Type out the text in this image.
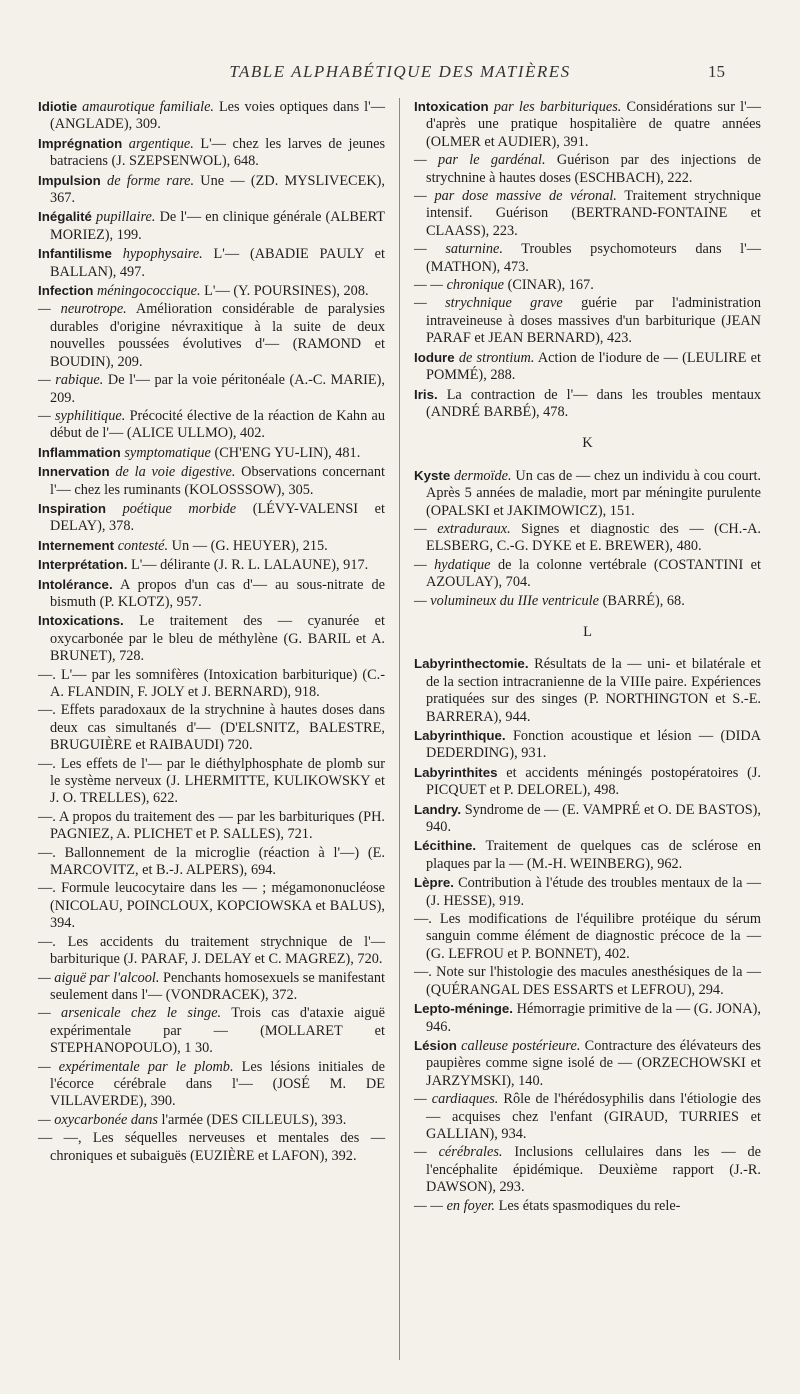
TABLE ALPHABÉTIQUE DES MATIÈRES	15

Idiotie amaurotique familiale. Les voies optiques dans l'— (ANGLADE), 309.

Imprégnation argentique. L'— chez les larves de jeunes batraciens (J. SZEPSENWOL), 648.

Impulsion de forme rare. Une — (ZD. MYSLIVECEK), 367.

Inégalité pupillaire. De l'— en clinique générale (ALBERT MORIEZ), 199.

Infantilisme hypophysaire. L'— (ABADIE PAULY et BALLAN), 497.

Infection méningococcique. L'— (Y. POURSINES), 208.

— neurotrope. Amélioration considérable de paralysies durables d'origine névraxitique à la suite de deux nouvelles poussées évolutives d'— (RAMOND et BOUDIN), 209.

— rabique. De l'— par la voie péritonéale (A.-C. MARIE), 209.

— syphilitique. Précocité élective de la réaction de Kahn au début de l'— (ALICE ULLMO), 402.

Inflammation symptomatique (CH'ENG YU-LIN), 481.

Innervation de la voie digestive. Observations concernant l'— chez les ruminants (KOLOSSSOW), 305.

Inspiration poétique morbide (LÉVY-VALENSI et DELAY), 378.

Internement contesté. Un — (G. HEUYER), 215.

Interprétation. L'— délirante (J. R. L. LALAUNE), 917.

Intolérance. A propos d'un cas d'— au sous-nitrate de bismuth (P. KLOTZ), 957.

Intoxications. Le traitement des — cyanurée et oxycarbonée par le bleu de méthylène (G. BARIL et A. BRUNET), 728.

—. L'— par les somnifères (Intoxication barbiturique) (C.-A. FLANDIN, F. JOLY et J. BERNARD), 918.

—. Effets paradoxaux de la strychnine à hautes doses dans deux cas simultanés d'— (D'ELSNITZ, BALESTRE, BRUGUIÈRE et RAIBAUDI) 720.

—. Les effets de l'— par le diéthylphosphate de plomb sur le système nerveux (J. LHERMITTE, KULIKOWSKY et J. O. TRELLES), 622.

—. A propos du traitement des — par les barbituriques (PH. PAGNIEZ, A. PLICHET et P. SALLES), 721.

—. Ballonnement de la microglie (réaction à l'—) (E. MARCOVITZ, et B.-J. ALPERS), 694.

—. Formule leucocytaire dans les — ; mégamononucléose (NICOLAU, POINCLOUX, KOPCIOWSKA et BALUS), 394.

—. Les accidents du traitement strychnique de l'— barbiturique (J. PARAF, J. DELAY et C. MAGREZ), 720.

— aiguë par l'alcool. Penchants homosexuels se manifestant seulement dans l'— (VONDRACEK), 372.

— arsenicale chez le singe. Trois cas d'ataxie aiguë expérimentale par — (MOLLARET et STEPHANOPOULO), 1 30.

— expérimentale par le plomb. Les lésions initiales de l'écorce cérébrale dans l'— (JOSÉ M. DE VILLAVERDE), 390.

— oxycarbonée dans l'armée (DES CILLEULS), 393.

— —, Les séquelles nerveuses et mentales des — chroniques et subaiguës (EUZIÈRE et LAFON), 392.

Intoxication par les barbituriques. Considérations sur l'— d'après une pratique hospitalière de quatre années (OLMER et AUDIER), 391.

— par le gardénal. Guérison par des injections de strychnine à hautes doses (ESCHBACH), 222.

— par dose massive de véronal. Traitement strychnique intensif. Guérison (BERTRAND-FONTAINE et CLAASS), 223.

— saturnine. Troubles psychomoteurs dans l'— (MATHON), 473.

— — chronique (CINAR), 167.

— strychnique grave guérie par l'administration intraveineuse à doses massives d'un barbiturique (JEAN PARAF et JEAN BERNARD), 423.

Iodure de strontium. Action de l'iodure de — (LEULIRE et POMMÉ), 288.

Iris. La contraction de l'— dans les troubles mentaux (ANDRÉ BARBÉ), 478.

K

Kyste dermoïde. Un cas de — chez un individu à cou court. Après 5 années de maladie, mort par méningite purulente (OPALSKI et JAKIMOWICZ), 151.

— extraduraux. Signes et diagnostic des — (CH.-A. ELSBERG, C.-G. DYKE et E. BREWER), 480.

— hydatique de la colonne vertébrale (COSTANTINI et AZOULAY), 704.

— volumineux du IIIe ventricule (BARRÉ), 68.

L

Labyrinthectomie. Résultats de la — uni- et bilatérale et de la section intracranienne de la VIIIe paire. Expériences pratiquées sur des singes (P. NORTHINGTON et S.-E. BARRERA), 944.

Labyrinthique. Fonction acoustique et lésion — (DIDA DEDERDING), 931.

Labyrinthites et accidents méningés postopératoires (J. PICQUET et P. DELOREL), 498.

Landry. Syndrome de — (E. VAMPRÉ et O. DE BASTOS), 940.

Lécithine. Traitement de quelques cas de sclérose en plaques par la — (M.-H. WEINBERG), 962.

Lèpre. Contribution à l'étude des troubles mentaux de la — (J. HESSE), 919.

—. Les modifications de l'équilibre protéique du sérum sanguin comme élément de diagnostic précoce de la — (G. LEFROU et P. BONNET), 402.

—. Note sur l'histologie des macules anesthésiques de la — (QUÉRANGAL DES ESSARTS et LEFROU), 294.

Lepto-méninge. Hémorragie primitive de la — (G. JONA), 946.

Lésion calleuse postérieure. Contracture des élévateurs des paupières comme signe isolé de — (ORZECHOWSKI et JARZYMSKI), 140.

— cardiaques. Rôle de l'hérédosyphilis dans l'étiologie des — acquises chez l'enfant (GIRAUD, TURRIES et GALLIAN), 934.

— cérébrales. Inclusions cellulaires dans les — de l'encéphalite épidémique. Deuxième rapport (J.-R. DAWSON), 293.

— — en foyer. Les états spasmodiques du rele-
